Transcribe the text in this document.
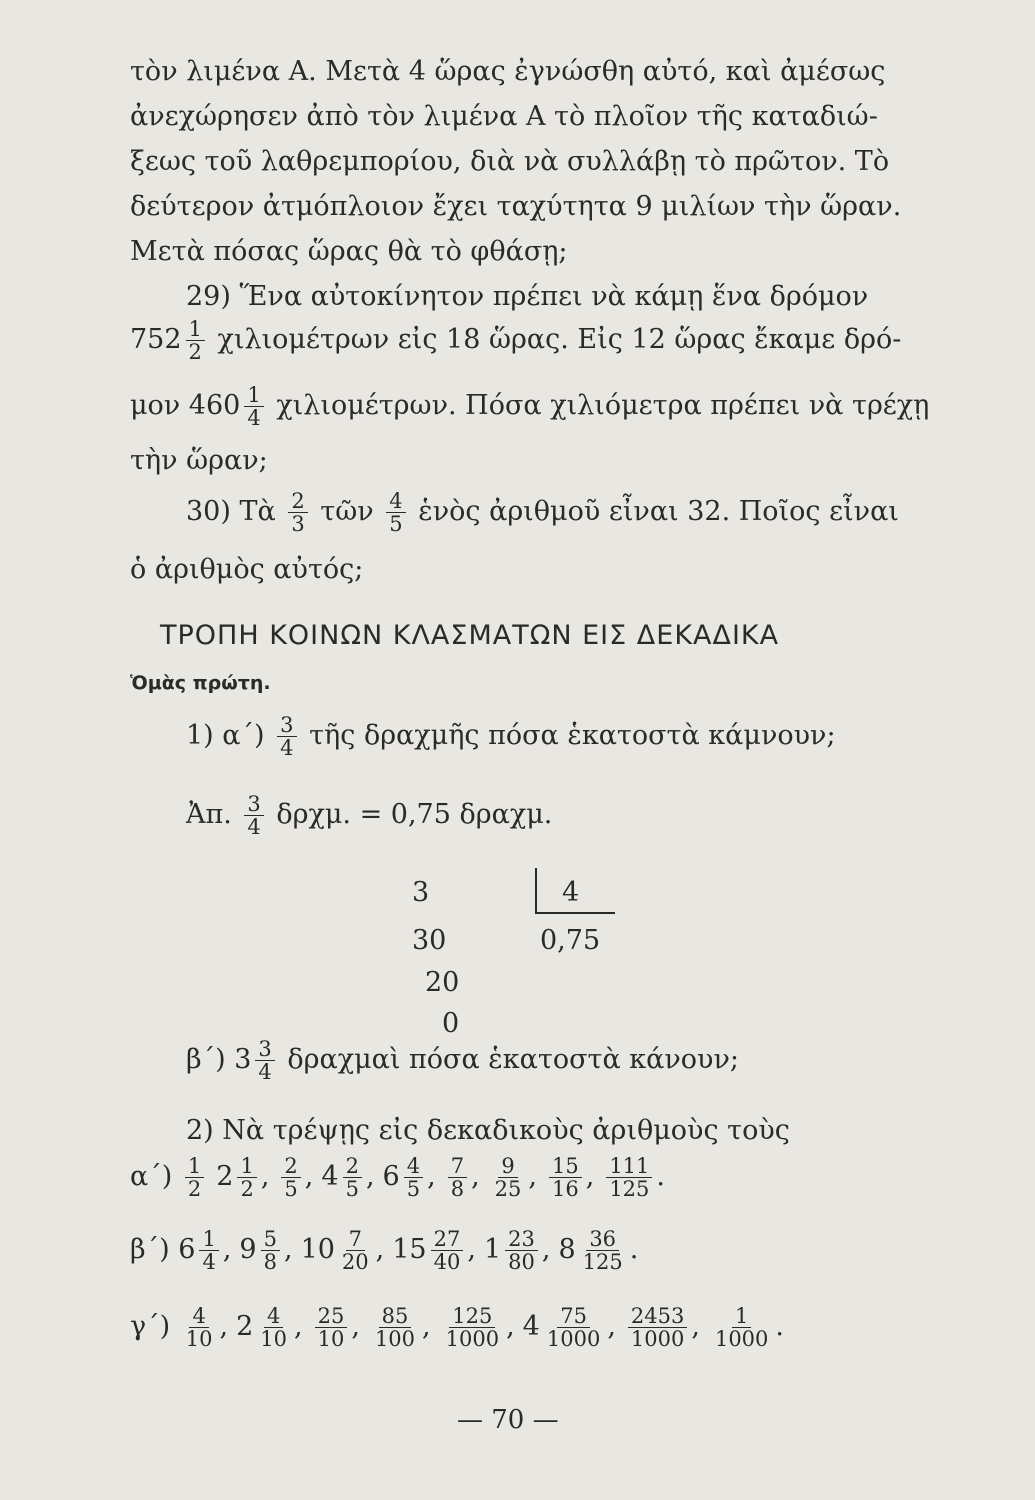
τὸν λιμένα Α. Μετὰ 4 ὥρας ἐγνώσθη αὐτό, καὶ ἀμέσως
ἀνεχώρησεν ἀπὸ τὸν λιμένα Α τὸ πλοῖον τῆς καταδιώ-
ξεως τοῦ λαθρεμπορίου, διὰ νὰ συλλάβῃ τὸ πρῶτον. Τὸ
δεύτερον ἀτμόπλοιον ἔχει ταχύτητα 9 μιλίων τὴν ὥραν.
Μετὰ πόσας ὥρας θὰ τὸ φθάσῃ;
29) Ἕνα αὐτοκίνητον πρέπει νὰ κάμῃ ἕνα δρόμον
$752 \frac{1}{2}$ χιλιομέτρων εἰς 18 ὥρας. Εἰς 12 ὥρας ἔκαμε δρό-
μον $460 \frac{1}{4} \chi\iota\lambda\iota o\mu έ\tau\rho\omega\nu$. Πόσα χιλιόμετρα πρέπει νὰ τρέχῃ
τὴν ὥραν;
30) Τὰ $\frac{2}{3}$ τῶν $\frac{4}{5}$ ἑνὸς ἀριθμοῦ εἶναι 32. Ποῖος εἶναι
ὁ ἀριθμὸς αὐτός;
ΤΡΟΠΗ ΚΟΙΝΩΝ ΚΛΑΣΜΑΤΩΝ ΕΙΣ ΔΕΚΑΔΙΚΑ
Ὁμὰς πρώτη.
1) $\alpha΄) \frac{3}{4}$ τῆς δραχμῆς πόσα ἑκατοστὰ κάμνουν;
Ἀπ. $\frac{3}{4} \delta\rho\chi\mu$. = 0,75 δραχμ.
3	4
30	0,75
20
0
β΄) $3 \frac{3}{4}$ δραχμαὶ πόσα ἑκατοστὰ κάνουν;
2) Νὰ τρέψῃς εἰς δεκαδικοὺς ἀριθμοὺς τοὺς
$\alpha΄) \frac{1}{2} 2 \frac{1}{2}$ , $\frac{2}{5}$ , $4 \frac{2}{5}$ , $6 \frac{4}{5}$ , $\frac{7}{8}$ , $\frac{9}{25}$ , $\frac{15}{16}$ , $\frac{111}{125}$ .
β΄) $6 \frac{1}{4}$ , $9 \frac{5}{8}$ , $10 \frac{7}{20}$ , $15 \frac{27}{40}$ , $1 \frac{23}{80}$ , $8 \frac{36}{125}$ .
$\gamma΄) \frac{4}{10}$ , $2 \frac{4}{10}$ , $\frac{25}{10}$ , $\frac{85}{100}$ , $\frac{125}{1000}$ , $4 \frac{75}{1000}$ , $\frac{2453}{1000}$ , $\frac{1}{1000}$ .
— 70 —
